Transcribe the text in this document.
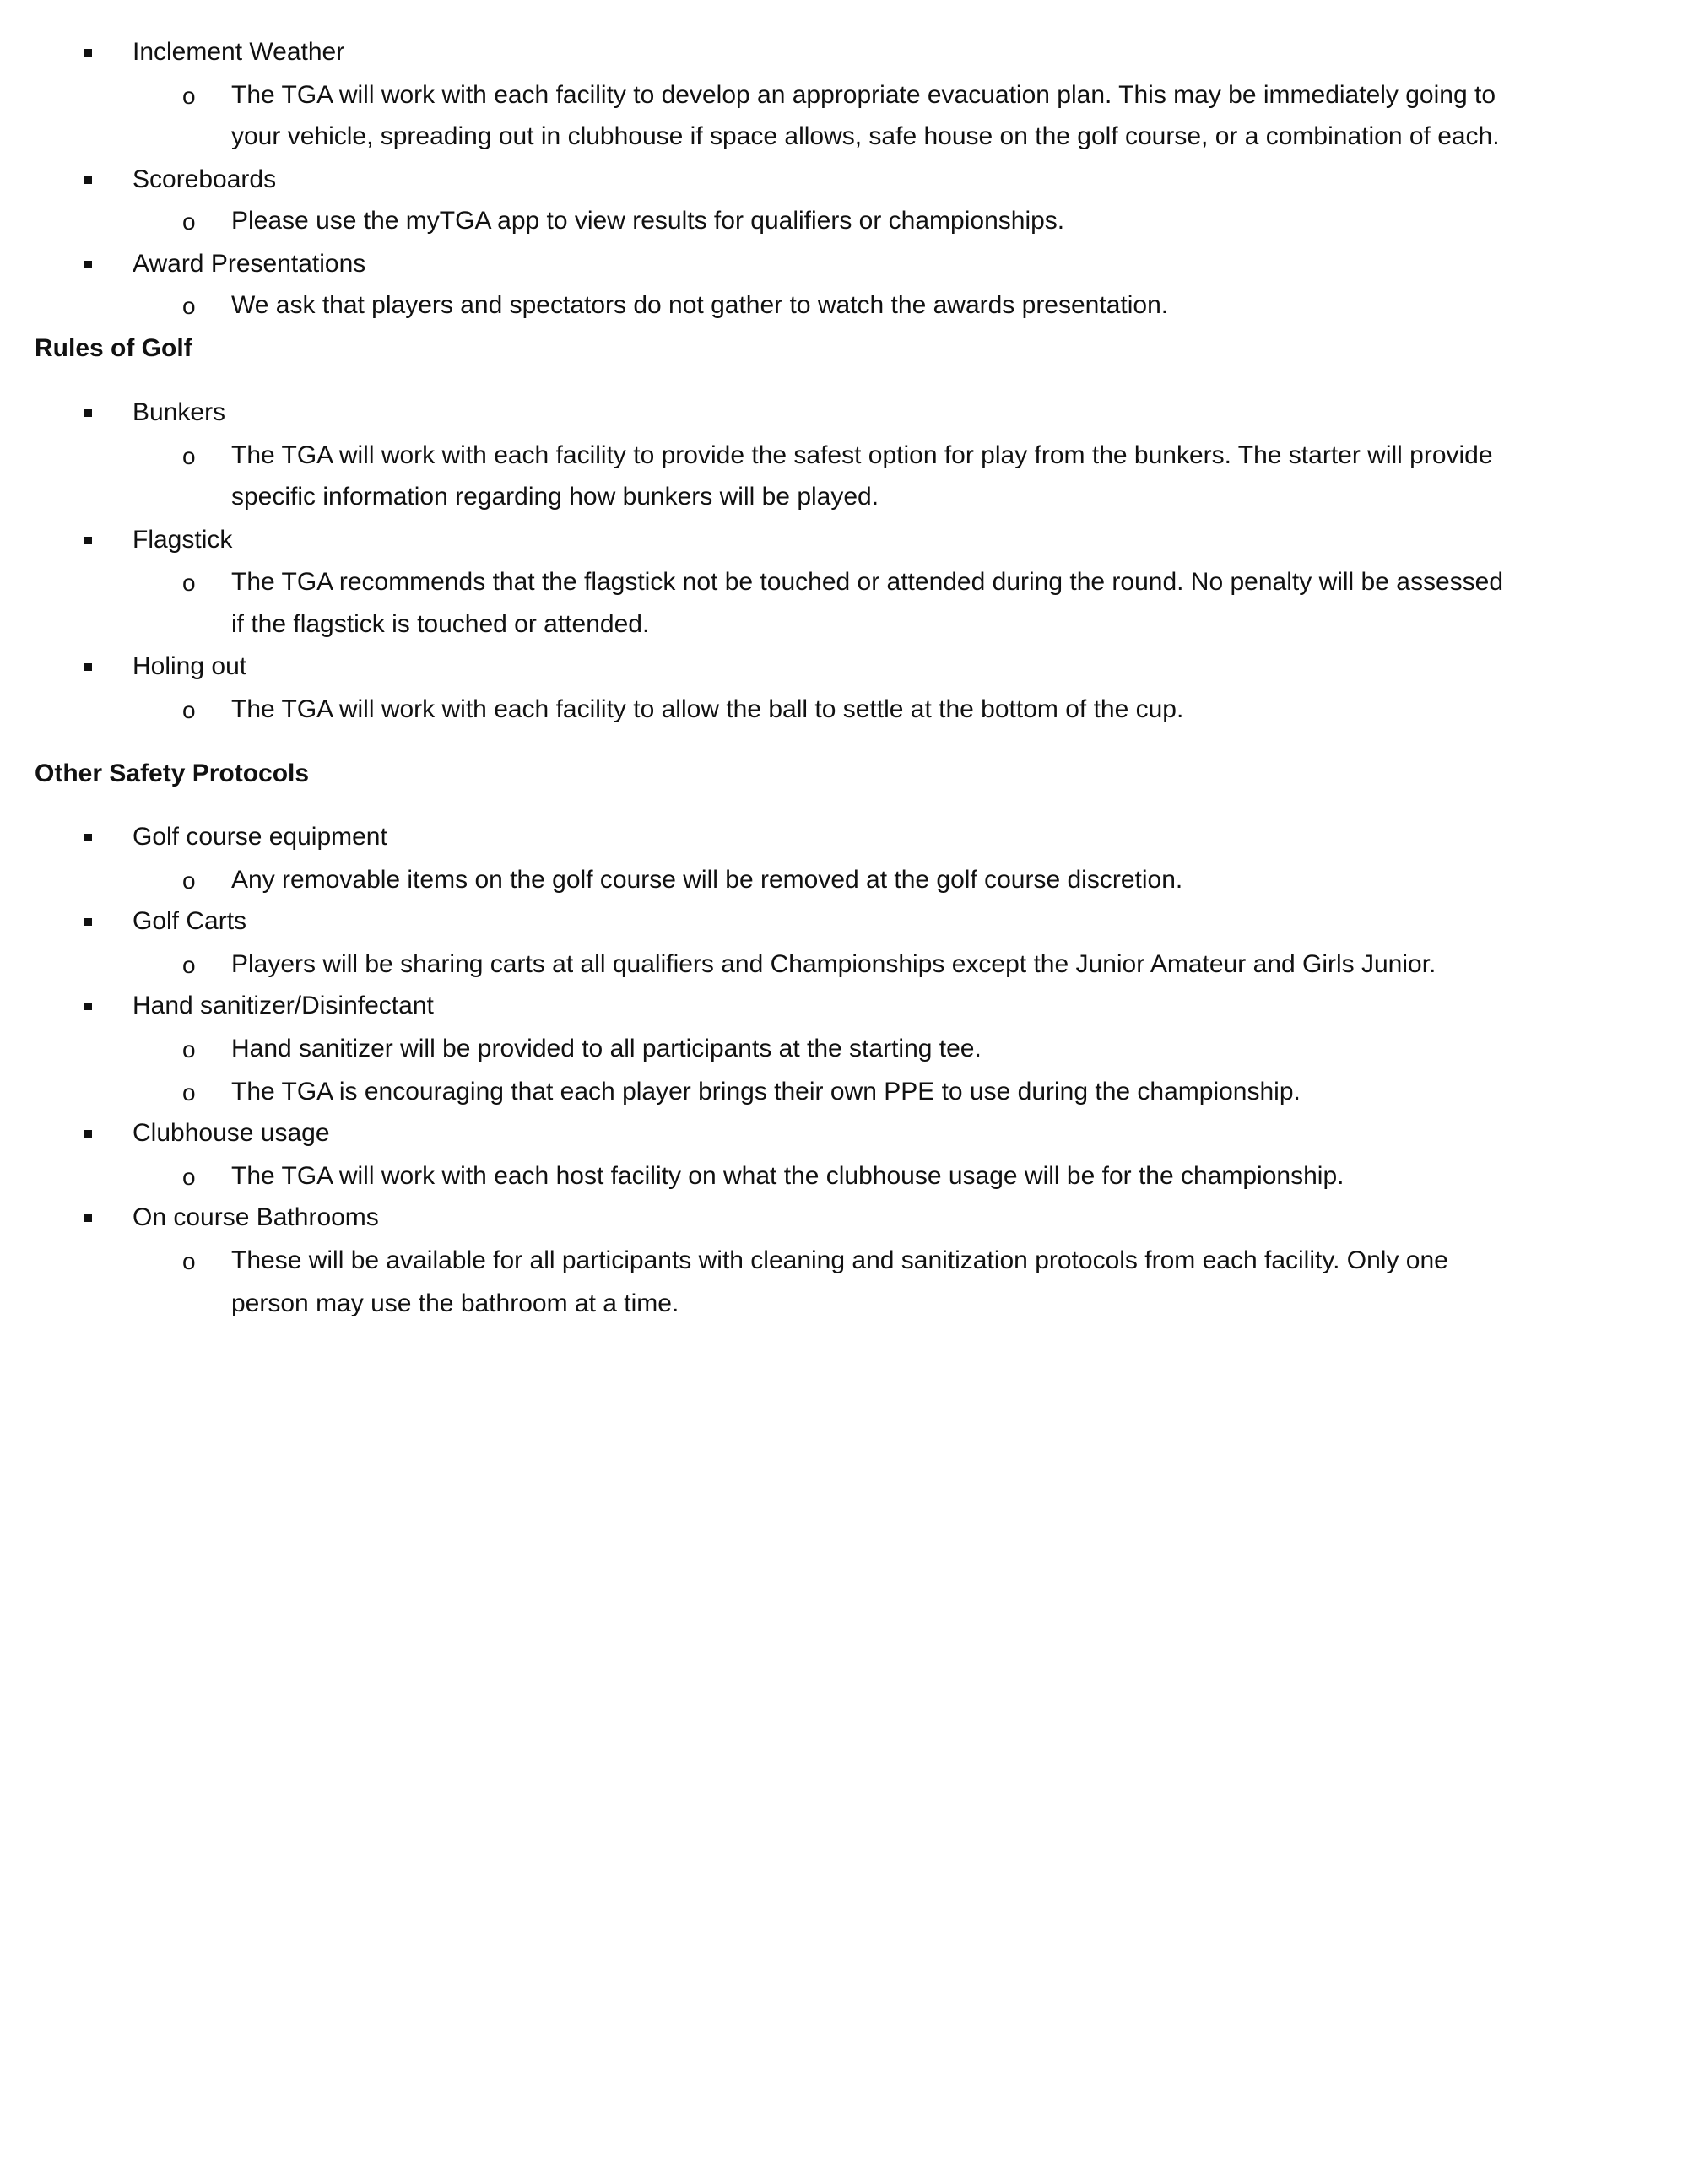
Inclement Weather
o The TGA will work with each facility to develop an appropriate evacuation plan. This may be immediately going to
your vehicle, spreading out in clubhouse if space allows, safe house on the golf course, or a combination of each.
Scoreboards
o Please use the myTGA app to view results for qualifiers or championships.
Award Presentations
o We ask that players and spectators do not gather to watch the awards presentation.
Rules of Golf
Bunkers
o The TGA will work with each facility to provide the safest option for play from the bunkers. The starter will provide
specific information regarding how bunkers will be played.
Flagstick
o The TGA recommends that the flagstick not be touched or attended during the round. No penalty will be assessed
if the flagstick is touched or attended.
Holing out
o The TGA will work with each facility to allow the ball to settle at the bottom of the cup.
Other Safety Protocols
Golf course equipment
o Any removable items on the golf course will be removed at the golf course discretion.
Golf Carts
o Players will be sharing carts at all qualifiers and Championships except the Junior Amateur and Girls Junior.
Hand sanitizer/Disinfectant
o Hand sanitizer will be provided to all participants at the starting tee.
o The TGA is encouraging that each player brings their own PPE to use during the championship.
Clubhouse usage
o The TGA will work with each host facility on what the clubhouse usage will be for the championship.
On course Bathrooms
o These will be available for all participants with cleaning and sanitization protocols from each facility. Only one
person may use the bathroom at a time.
